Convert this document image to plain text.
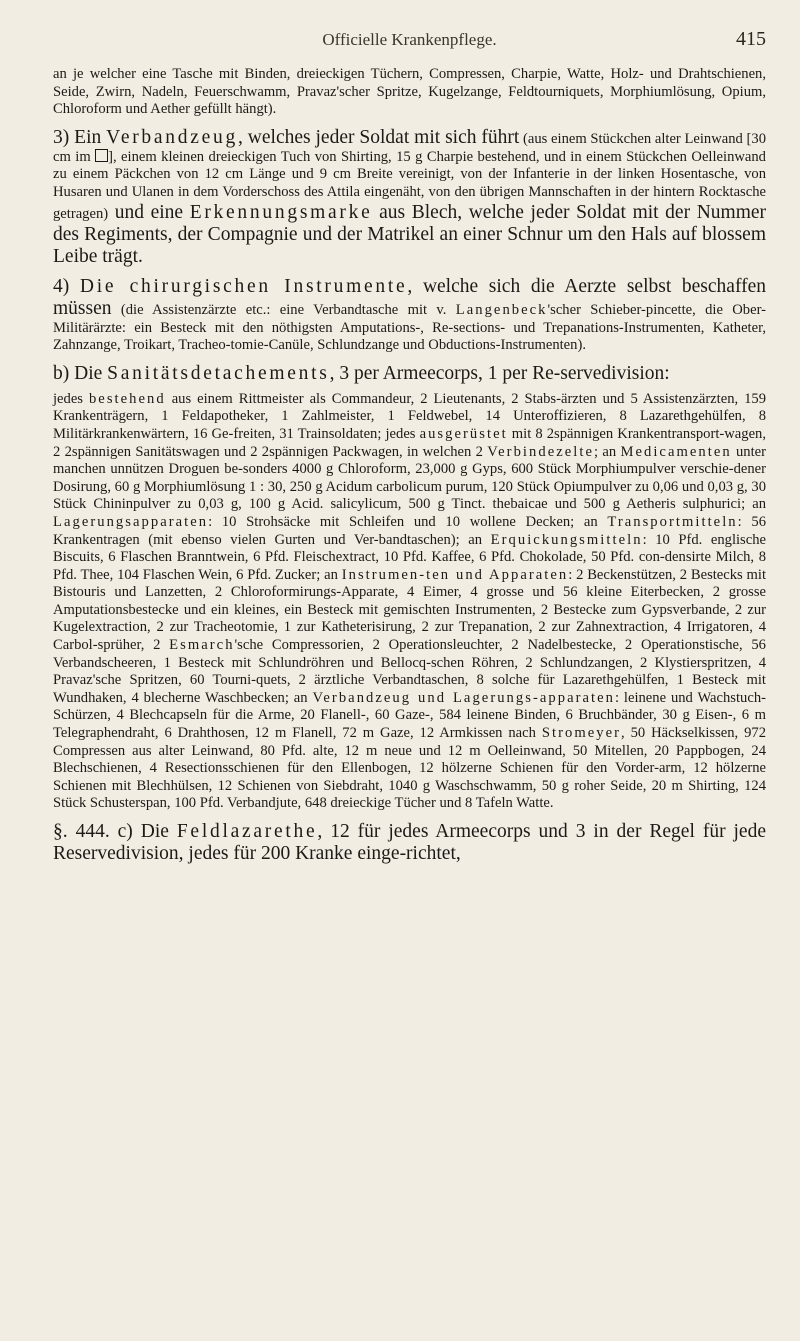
Officielle Krankenpflege.	415

an je welcher eine Tasche mit Binden, dreieckigen Tüchern, Compressen, Charpie, Watte, Holz- und Drahtschienen, Seide, Zwirn, Nadeln, Feuerschwamm, Pravaz'scher Spritze, Kugelzange, Feldtourniquets, Morphiumlösung, Opium, Chloroform und Aether gefüllt hängt).

3) Ein Verbandzeug, welches jeder Soldat mit sich führt (aus einem Stückchen alter Leinwand [30 cm im ], einem kleinen dreieckigen Tuch von Shirting, 15 g Charpie bestehend, und in einem Stückchen Oelleinwand zu einem Päckchen von 12 cm Länge und 9 cm Breite vereinigt, von der Infanterie in der linken Hosentasche, von Husaren und Ulanen in dem Vorderschoss des Attila eingenäht, von den übrigen Mannschaften in der hintern Rocktasche getragen) und eine Erkennungsmarke aus Blech, welche jeder Soldat mit der Nummer des Regiments, der Compagnie und der Matrikel an einer Schnur um den Hals auf blossem Leibe trägt.

4) Die chirurgischen Instrumente, welche sich die Aerzte selbst beschaffen müssen (die Assistenzärzte etc.: eine Verbandtasche mit v. Langenbeck'scher Schieber-pincette, die Ober-Militärärzte: ein Besteck mit den nöthigsten Amputations-, Re-sections- und Trepanations-Instrumenten, Katheter, Zahnzange, Troikart, Tracheo-tomie-Canüle, Schlundzange und Obductions-Instrumenten).

b) Die Sanitätsdetachements, 3 per Armeecorps, 1 per Re-servedivision:

jedes bestehend aus einem Rittmeister als Commandeur, 2 Lieutenants, 2 Stabs-ärzten und 5 Assistenzärzten, 159 Krankenträgern, 1 Feldapotheker, 1 Zahlmeister, 1 Feldwebel, 14 Unteroffizieren, 8 Lazarethgehülfen, 8 Militärkrankenwärtern, 16 Ge-freiten, 31 Trainsoldaten; jedes ausgerüstet mit 8 2spännigen Krankentransport-wagen, 2 2spännigen Sanitätswagen und 2 2spännigen Packwagen, in welchen 2 Verbindezelte; an Medicamenten unter manchen unnützen Droguen be-sonders 4000 g Chloroform, 23,000 g Gyps, 600 Stück Morphiumpulver verschie-dener Dosirung, 60 g Morphiumlösung 1 : 30, 250 g Acidum carbolicum purum, 120 Stück Opiumpulver zu 0,06 und 0,03 g, 30 Stück Chininpulver zu 0,03 g, 100 g Acid. salicylicum, 500 g Tinct. thebaicae und 500 g Aetheris sulphurici; an Lagerungsapparaten: 10 Strohsäcke mit Schleifen und 10 wollene Decken; an Transportmitteln: 56 Krankentragen (mit ebenso vielen Gurten und Ver-bandtaschen); an Erquickungsmitteln: 10 Pfd. englische Biscuits, 6 Flaschen Branntwein, 6 Pfd. Fleischextract, 10 Pfd. Kaffee, 6 Pfd. Chokolade, 50 Pfd. con-densirte Milch, 8 Pfd. Thee, 104 Flaschen Wein, 6 Pfd. Zucker; an Instrumen-ten und Apparaten: 2 Beckenstützen, 2 Bestecks mit Bistouris und Lanzetten, 2 Chloroformirungs-Apparate, 4 Eimer, 4 grosse und 56 kleine Eiterbecken, 2 grosse Amputationsbestecke und ein kleines, ein Besteck mit gemischten Instrumenten, 2 Bestecke zum Gypsverbande, 2 zur Kugelextraction, 2 zur Tracheotomie, 1 zur Katheterisirung, 2 zur Trepanation, 2 zur Zahnextraction, 4 Irrigatoren, 4 Carbol-sprüher, 2 Esmarch'sche Compressorien, 2 Operationsleuchter, 2 Nadelbestecke, 2 Operationstische, 56 Verbandscheeren, 1 Besteck mit Schlundröhren und Bellocq-schen Röhren, 2 Schlundzangen, 2 Klystierspritzen, 4 Pravaz'sche Spritzen, 60 Tourni-quets, 2 ärztliche Verbandtaschen, 8 solche für Lazarethgehülfen, 1 Besteck mit Wundhaken, 4 blecherne Waschbecken; an Verbandzeug und Lagerungs-apparaten: leinene und Wachstuch-Schürzen, 4 Blechcapseln für die Arme, 20 Flanell-, 60 Gaze-, 584 leinene Binden, 6 Bruchbänder, 30 g Eisen-, 6 m Telegraphendraht, 6 Drahthosen, 12 m Flanell, 72 m Gaze, 12 Armkissen nach Stromeyer, 50 Häckselkissen, 972 Compressen aus alter Leinwand, 80 Pfd. alte, 12 m neue und 12 m Oelleinwand, 50 Mitellen, 20 Pappbogen, 24 Blechschienen, 4 Resectionsschienen für den Ellenbogen, 12 hölzerne Schienen für den Vorder-arm, 12 hölzerne Schienen mit Blechhülsen, 12 Schienen von Siebdraht, 1040 g Waschschwamm, 50 g roher Seide, 20 m Shirting, 124 Stück Schusterspan, 100 Pfd. Verbandjute, 648 dreieckige Tücher und 8 Tafeln Watte.

§. 444. c) Die Feldlazarethe, 12 für jedes Armeecorps und 3 in der Regel für jede Reservedivision, jedes für 200 Kranke einge-richtet,
